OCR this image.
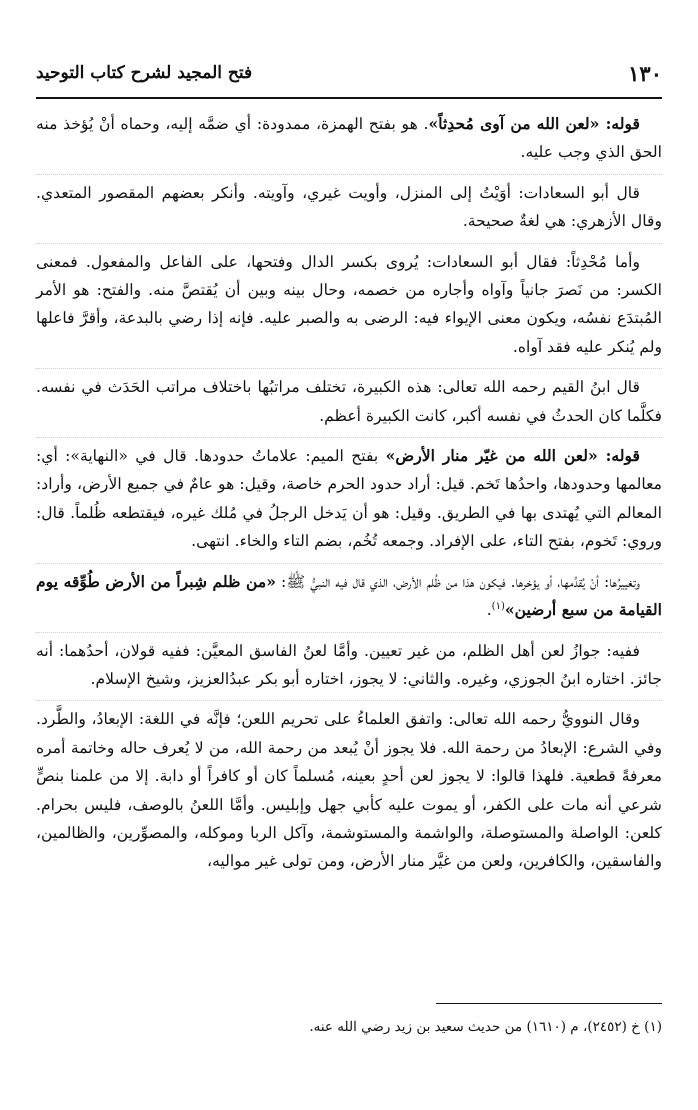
١٣٠
فتح المجيد لشرح كتاب التوحيد

قوله: «لعن الله من آوى مُحدِثاً». هو بفتح الهمزة، ممدودة: أي ضمَّه إليه، وحماه أنْ يُؤخذ منه الحق الذي وجب عليه.

قال أبو السعادات: أوَيْتُ إلى المنزل، وأويت غيري، وآويته. وأنكر بعضهم المقصور المتعدي. وقال الأزهري: هي لغةٌ صحيحة.

وأما مُحْدِثاً: فقال أبو السعادات: يُروى بكسر الدال وفتحها، على الفاعل والمفعول. فمعنى الكسر: من نَصرَ جانياً وآواه وأجاره من خصمه، وحال بينه وبين أن يُقتصَّ منه. والفتح: هو الأمر المُبتدَع نفسُه، ويكون معنى الإيواء فيه: الرضى به والصبر عليه. فإنه إذا رضي بالبدعة، وأقرَّ فاعلها ولم يُنكر عليه فقد آواه.

قال ابنُ القيم رحمه الله تعالى: هذه الكبيرة، تختلف مراتبُها باختلاف مراتب الحَدَث في نفسه. فكلَّما كان الحدثُ في نفسه أكبر، كانت الكبيرة أعظم.

قوله: «لعن الله من غيّر منار الأرض» بفتح الميم: علاماتُ حدودها. قال في «النهاية»: أي: معالمها وحدودها، واحدُها تَخم. قيل: أراد حدود الحرم خاصة، وقيل: هو عامٌ في جميع الأرض، وأراد: المعالم التي يُهتدى بها في الطريق. وقيل: هو أن يَدخل الرجلُ في مُلك غيره، فيقتطعه ظُلماً. قال: وروي: تَخوم، بفتح التاء، على الإفراد. وجمعه تُخُم، بضم التاء والخاء. انتهى.

وتغييرُها: أنْ يُقدِّمها، أو يؤخرها. فيكون هذا من ظُلم الأرض، الذي قال فيه النبيُّ ﷺ: «من ظلم شِبراً من الأرض طُوِّقه يوم القيامة من سبع أرضين»$^{(١)}$.

ففيه: جوازُ لعن أهل الظلم، من غير تعيين. وأمَّا لعنُ الفاسق المعيَّن: ففيه قولان، أحدُهما: أنه جائز. اختاره ابنُ الجوزي، وغيره. والثاني: لا يجوز، اختاره أبو بكر عبدُالعزيز، وشيخ الإسلام.

وقال النوويُّ رحمه الله تعالى: واتفق العلماءُ على تحريم اللعن؛ فإنَّه في اللغة: الإبعادُ، والطَّرد. وفي الشرع: الإبعادُ من رحمة الله. فلا يجوز أنْ يُبعد من رحمة الله، من لا يُعرف حاله وخاتمة أمره معرفةً قطعية. فلهذا قالوا: لا يجوز لعن أحدٍ بعينه، مُسلماً كان أو كافراً أو دابة. إلا من علمنا بنصٍّ شرعي أنه مات على الكفر، أو يموت عليه كأبي جهل وإبليس. وأمَّا اللعنُ بالوصف، فليس بحرام. كلعن: الواصلة والمستوصلة، والواشمة والمستوشمة، وآكل الربا وموكله، والمصوِّرين، والظالمين، والفاسقين، والكافرين، ولعن من غيَّر منار الأرض، ومن تولى غير مواليه،

(١) خ (٢٤٥٢)، م (١٦١٠) من حديث سعيد بن زيد رضي الله عنه.
